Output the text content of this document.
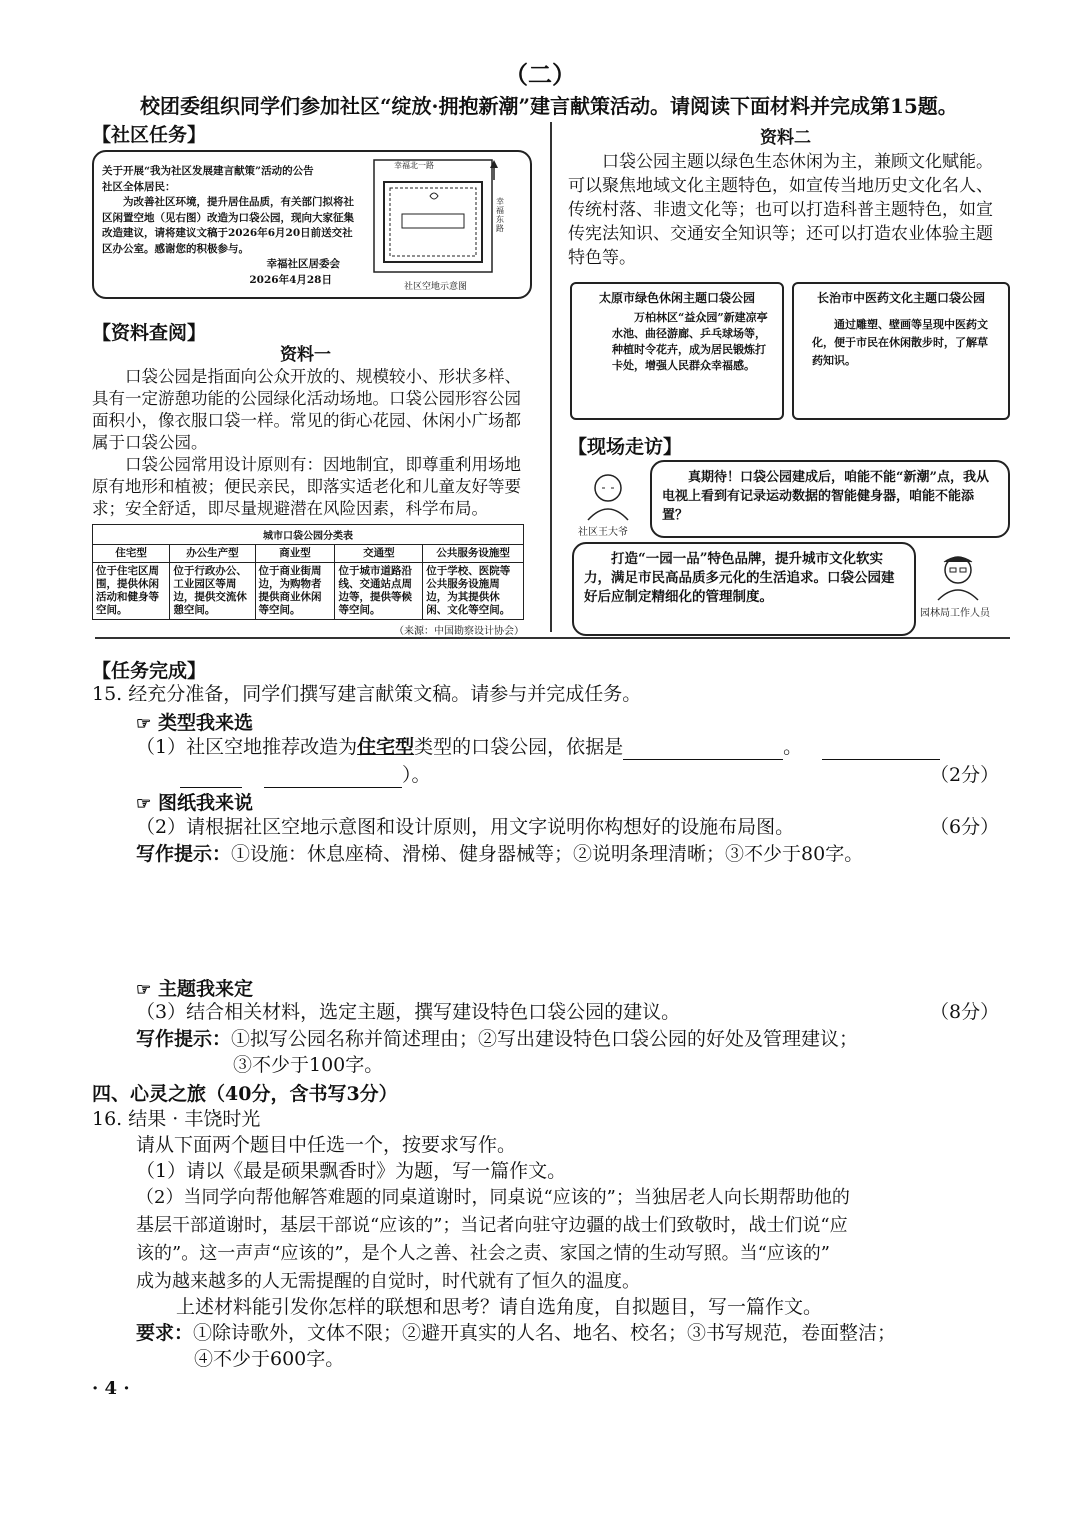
（二）
校团委组织同学们参加社区“绽放·拥抱新潮”建言献策活动。请阅读下面材料并完成第15题。
【社区任务】
关于开展“我为社区发展建言献策”活动的公告
社区全体居民：
为改善社区环境，提升居住品质，有关部门拟将社区闲置空地（见右图）改造为口袋公园，现向大家征集改造建议，请将建议文稿于2026年6月20日前送交社区办公室。感谢您的积极参与。
幸福社区居委会
2026年4月28日
幸福北一路
幸福东路
社区空地示意图
【资料查阅】
资料一
口袋公园是指面向公众开放的、规模较小、形状多样、具有一定游憩功能的公园绿化活动场地。口袋公园形容公园面积小，像衣服口袋一样。常见的街心花园、休闲小广场都属于口袋公园。
口袋公园常用设计原则有：因地制宜，即尊重利用场地原有地形和植被；便民亲民，即落实适老化和儿童友好等要求；安全舒适，即尽量规避潜在风险因素，科学布局。
城市口袋公园分类表
住宅型	办公生产型	商业型	交通型	公共服务设施型
位于住宅区周围，提供休闲活动和健身等空间。	位于行政办公、工业园区等周边，提供交流休憩空间。	位于商业街周边，为购物者提供商业休闲等空间。	位于城市道路沿线、交通站点周边等，提供等候等空间。	位于学校、医院等公共服务设施周边，为其提供休闲、文化等空间。
（来源：中国勘察设计协会）
资料二
口袋公园主题以绿色生态休闲为主，兼顾文化赋能。可以聚焦地域文化主题特色，如宣传当地历史文化名人、传统村落、非遗文化等；也可以打造科普主题特色，如宣传宪法知识、交通安全知识等；还可以打造农业体验主题特色等。
太原市绿色休闲主题口袋公园
万柏林区“益众园”新建凉亭水池、曲径游廊、乒乓球场等，种植时令花卉，成为居民锻炼打卡处，增强人民群众幸福感。
长治市中医药文化主题口袋公园
通过雕塑、壁画等呈现中医药文化，便于市民在休闲散步时，了解草药知识。
【现场走访】
社区王大爷
真期待！口袋公园建成后，咱能不能“新潮”点，我从电视上看到有记录运动数据的智能健身器，咱能不能添置？
打造“一园一品”特色品牌，提升城市文化软实力，满足市民高品质多元化的生活追求。口袋公园建好后应制定精细化的管理制度。
园林局工作人员
【任务完成】
15. 经充分准备，同学们撰写建言献策文稿。请参与并完成任务。
☞ 类型我来选
（1）社区空地推荐改造为住宅型类型的口袋公园，依据是	。
）。	（2分）
☞ 图纸我来说
（2）请根据社区空地示意图和设计原则，用文字说明你构想好的设施布局图。	（6分）
写作提示：①设施：休息座椅、滑梯、健身器械等；②说明条理清晰；③不少于80字。
☞ 主题我来定
（3）结合相关材料，选定主题，撰写建设特色口袋公园的建议。	（8分）
写作提示：①拟写公园名称并简述理由；②写出建设特色口袋公园的好处及管理建议；
③不少于100字。
四、心灵之旅（40分，含书写3分）
16. 结果 · 丰饶时光
请从下面两个题目中任选一个，按要求写作。
（1）请以《最是硕果飘香时》为题，写一篇作文。
（2）当同学向帮他解答难题的同桌道谢时，同桌说“应该的”；当独居老人向长期帮助他的
基层干部道谢时，基层干部说“应该的”；当记者向驻守边疆的战士们致敬时，战士们说“应
该的”。这一声声“应该的”，是个人之善、社会之责、家国之情的生动写照。当“应该的”
成为越来越多的人无需提醒的自觉时，时代就有了恒久的温度。
上述材料能引发你怎样的联想和思考？请自选角度，自拟题目，写一篇作文。
要求：①除诗歌外，文体不限；②避开真实的人名、地名、校名；③书写规范，卷面整洁；
④不少于600字。
· 4 ·
